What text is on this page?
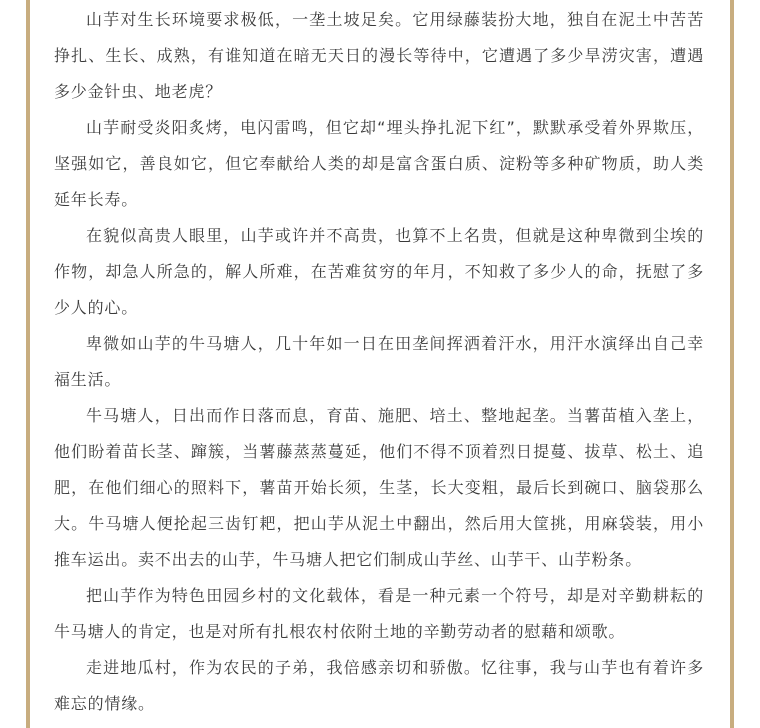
山芋对生长环境要求极低，一垄土坡足矣。它用绿藤装扮大地，独自在泥土中苦苦挣扎、生长、成熟，有谁知道在暗无天日的漫长等待中，它遭遇了多少旱涝灾害，遭遇多少金针虫、地老虎？

山芋耐受炎阳炙烤，电闪雷鸣，但它却“埋头挣扎泥下红”，默默承受着外界欺压，坚强如它，善良如它，但它奉献给人类的却是富含蛋白质、淀粉等多种矿物质，助人类延年长寿。

在貌似高贵人眼里，山芋或许并不高贵，也算不上名贵，但就是这种卑微到尘埃的作物，却急人所急的，解人所难，在苦难贫穷的年月，不知救了多少人的命，抚慰了多少人的心。

卑微如山芋的牛马塘人，几十年如一日在田垄间挥洒着汗水，用汗水演绎出自己幸福生活。

牛马塘人，日出而作日落而息，育苗、施肥、培土、整地起垄。当薯苗植入垄上，他们盼着苗长茎、蹿簇，当薯藤蒸蒸蔓延，他们不得不顶着烈日提蔓、拔草、松土、追肥，在他们细心的照料下，薯苗开始长须，生茎，长大变粗，最后长到碗口、脑袋那么大。牛马塘人便抡起三齿钉耙，把山芋从泥土中翻出，然后用大筐挑，用麻袋装，用小推车运出。卖不出去的山芋，牛马塘人把它们制成山芋丝、山芋干、山芋粉条。

把山芋作为特色田园乡村的文化载体，看是一种元素一个符号，却是对辛勤耕耘的牛马塘人的肯定，也是对所有扎根农村依附土地的辛勤劳动者的慰藉和颂歌。

走进地瓜村，作为农民的子弟，我倍感亲切和骄傲。忆往事，我与山芋也有着许多难忘的情缘。
